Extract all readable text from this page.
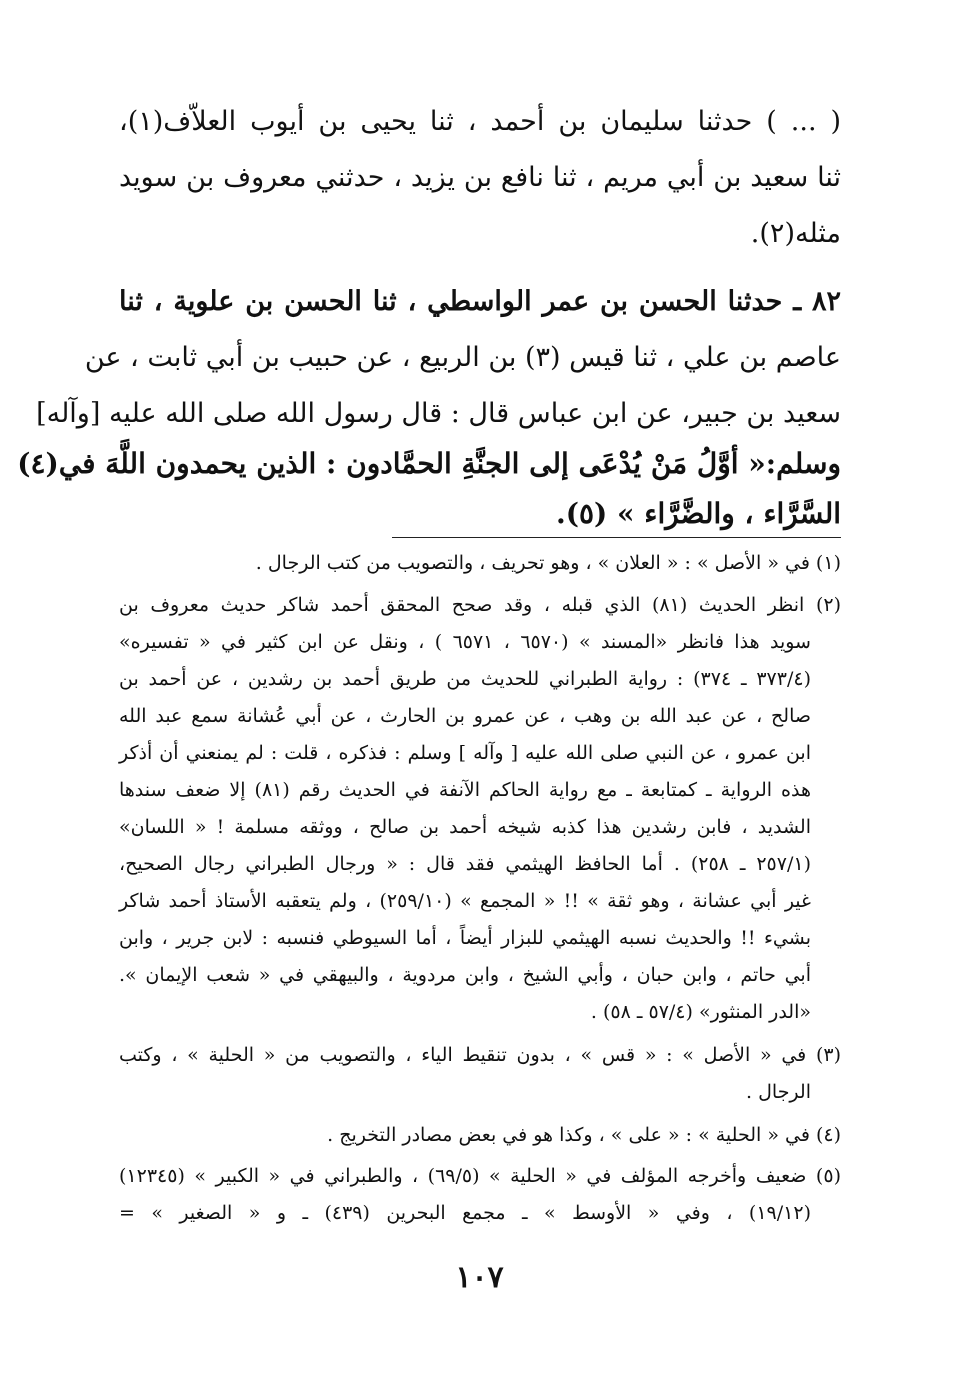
( ... ) حدثنا سليمان بن أحمد ، ثنا يحيى بن أيوب العلاّف(١)،
ثنا سعيد بن أبي مريم ، ثنا نافع بن يزيد ، حدثني معروف بن سويد
مثله(٢).
٨٢ ـ حدثنا الحسن بن عمر الواسطي ، ثنا الحسن بن علوية ، ثنا
عاصم بن علي ، ثنا قيس (٣) بن الربيع ، عن حبيب بن أبي ثابت ، عن
سعيد بن جبير، عن ابن عباس قال : قال رسول الله صلى الله عليه [وآله]
وسلم:« أوَّلُ مَنْ يُدْعَى إلى الجنَّةِ الحمَّادون : الذين يحمدون اللَّهَ في(٤)
السَّرَّاء ، والضَّرَّاء » (٥).
(١) في « الأصل » : « العلان » ، وهو تحريف ، والتصويب من كتب الرجال .
(٢) انظر الحديث (٨١) الذي قبله ، وقد صحح المحقق أحمد شاكر حديث معروف بن
سويد هذا فانظر «المسند » (٦٥٧٠ ، ٦٥٧١ ) ، ونقل عن ابن كثير في « تفسيره»
(٣٧٣/٤ ـ ٣٧٤) : رواية الطبراني للحديث من طريق أحمد بن رشدين ، عن أحمد بن
صالح ، عن عبد الله بن وهب ، عن عمرو بن الحارث ، عن أبي عُشانة سمع عبد الله
ابن عمرو ، عن النبي صلى الله عليه [ وآله ] وسلم : فذكره ، قلت : لم يمنعني أن أذكر
هذه الرواية ـ كمتابعة ـ مع رواية الحاكم الآنفة في الحديث رقم (٨١) إلا ضعف سندها
الشديد ، فابن رشدين هذا كذبه شيخه أحمد بن صالح ، ووثقه مسلمة ! « اللسان»
(٢٥٧/١ ـ ٢٥٨) . أما الحافظ الهيثمي فقد قال : « ورجال الطبراني رجال الصحيح،
غير أبي عشانة ، وهو ثقة » !! « المجمع » (٢٥٩/١٠) ، ولم يتعقبه الأستاذ أحمد شاكر
بشيء !! والحديث نسبه الهيثمي للبزار أيضاً ، أما السيوطي فنسبه : لابن جرير ، وابن
أبي حاتم ، وابن حبان ، وأبي الشيخ ، وابن مردوية ، والبيهقي في « شعب الإيمان ».
«الدر المنثور» (٥٧/٤ ـ ٥٨) .
(٣) في « الأصل » : « قس » ، بدون تنقيط الياء ، والتصويب من « الحلية » ، وكتب
الرجال .
(٤) في « الحلية » : « على » ، وكذا هو في بعض مصادر التخريج .
(٥) ضعيف وأخرجه المؤلف في « الحلية » (٦٩/٥) ، والطبراني في « الكبير » (١٢٣٤٥)
(١٩/١٢) ، وفي « الأوسط » ـ مجمع البحرين (٤٣٩) ـ و « الصغير » =
١٠٧
